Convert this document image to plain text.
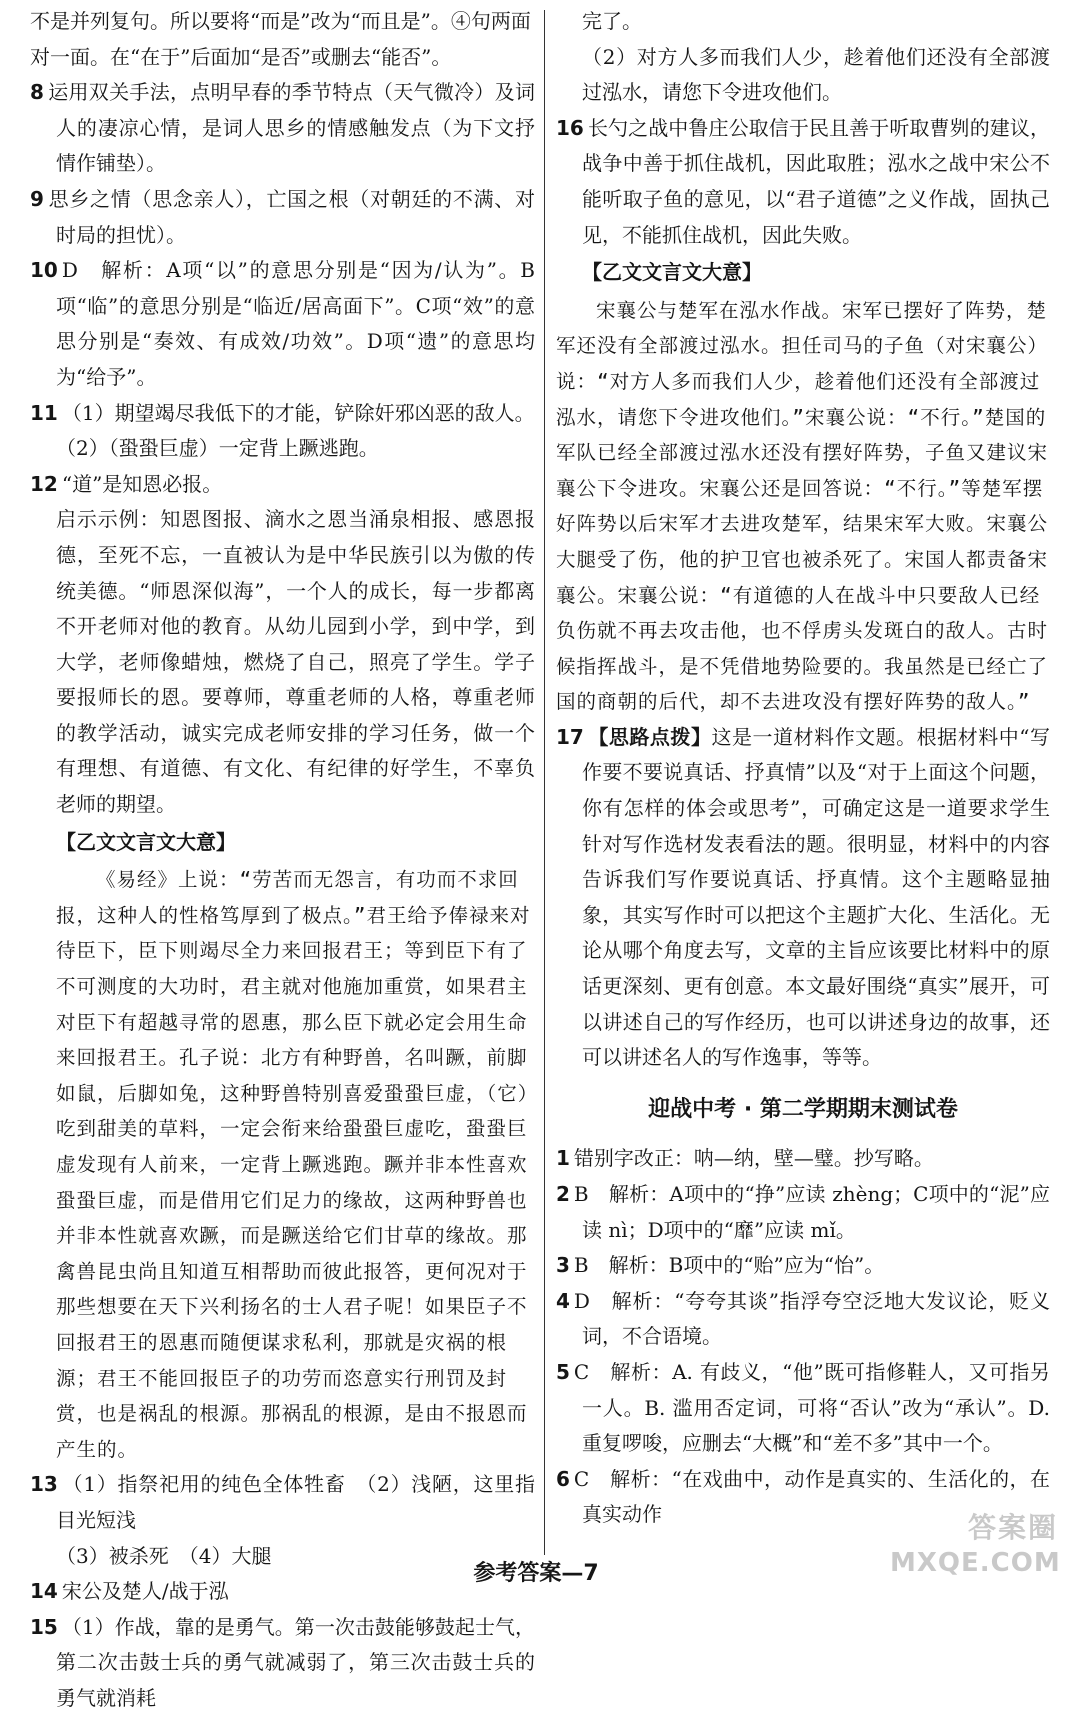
不是并列复句。所以要将“而是”改为“而且是”。④句两面

对一面。在“在于”后面加“是否”或删去“能否”。

8 运用双关手法，点明早春的季节特点（天气微冷）及词人的凄凉心情，是词人思乡的情感触发点（为下文抒情作铺垫）。
9 思乡之情（思念亲人），亡国之根（对朝廷的不满、对时局的担忧）。
10 D　解析：A项“以”的意思分别是“因为/认为”。B项“临”的意思分别是“临近/居高面下”。C项“效”的意思分别是“奏效、有成效/功效”。D项“遗”的意思均为“给予”。

11 （1）期望竭尽我低下的才能，铲除奸邪凶恶的敌人。

（2）（蛩蛩巨虚）一定背上蹶逃跑。

12 “道”是知恩必报。

启示示例：知恩图报、滴水之恩当涌泉相报、感恩报德，至死不忘，一直被认为是中华民族引以为傲的传统美德。“师恩深似海”，一个人的成长，每一步都离不开老师对他的教育。从幼儿园到小学，到中学，到大学，老师像蜡烛，燃烧了自己，照亮了学生。学子要报师长的恩。要尊师，尊重老师的人格，尊重老师的教学活动，诚实完成老师安排的学习任务，做一个有理想、有道德、有文化、有纪律的好学生，不辜负老师的期望。

【乙文文言文大意】

《易经》上说：“劳苦而无怨言，有功而不求回报，这种人的性格笃厚到了极点。”君王给予俸禄来对待臣下，臣下则竭尽全力来回报君王；等到臣下有了不可测度的大功时，君主就对他施加重赏，如果君主对臣下有超越寻常的恩惠，那么臣下就必定会用生命来回报君王。孔子说：北方有种野兽，名叫蹶，前脚如鼠，后脚如兔，这种野兽特别喜爱蛩蛩巨虚，（它）吃到甜美的草料，一定会衔来给蛩蛩巨虚吃，蛩蛩巨虚发现有人前来，一定背上蹶逃跑。蹶并非本性喜欢蛩蛩巨虚，而是借用它们足力的缘故，这两种野兽也并非本性就喜欢蹶，而是蹶送给它们甘草的缘故。那禽兽昆虫尚且知道互相帮助而彼此报答，更何况对于那些想要在天下兴利扬名的士人君子呢！如果臣子不回报君王的恩惠而随便谋求私利，那就是灾祸的根源；君王不能回报臣子的功劳而恣意实行刑罚及封赏，也是祸乱的根源。那祸乱的根源，是由不报恩而产生的。

13 （1）指祭祀用的纯色全体牲畜　（2）浅陋，这里指目光短浅

（3）被杀死　（4）大腿

14 宋公及楚人/战于泓
15 （1）作战，靠的是勇气。第一次击鼓能够鼓起士气，第二次击鼓士兵的勇气就减弱了，第三次击鼓士兵的勇气就消耗

完了。

（2）对方人多而我们人少，趁着他们还没有全部渡过泓水，请您下令进攻他们。

16 长勺之战中鲁庄公取信于民且善于听取曹刿的建议，战争中善于抓住战机，因此取胜；泓水之战中宋公不能听取子鱼的意见，以“君子道德”之义作战，固执己见，不能抓住战机，因此失败。

【乙文文言文大意】

宋襄公与楚军在泓水作战。宋军已摆好了阵势，楚军还没有全部渡过泓水。担任司马的子鱼（对宋襄公）说：“对方人多而我们人少，趁着他们还没有全部渡过泓水，请您下令进攻他们。”宋襄公说：“不行。”楚国的军队已经全部渡过泓水还没有摆好阵势，子鱼又建议宋襄公下令进攻。宋襄公还是回答说：“不行。”等楚军摆好阵势以后宋军才去进攻楚军，结果宋军大败。宋襄公大腿受了伤，他的护卫官也被杀死了。宋国人都责备宋襄公。宋襄公说：“有道德的人在战斗中只要敌人已经负伤就不再去攻击他，也不俘虏头发斑白的敌人。古时候指挥战斗，是不凭借地势险要的。我虽然是已经亡了国的商朝的后代，却不去进攻没有摆好阵势的敌人。”

17 【思路点拨】这是一道材料作文题。根据材料中“写作要不要说真话、抒真情”以及“对于上面这个问题，你有怎样的体会或思考”，可确定这是一道要求学生针对写作选材发表看法的题。很明显，材料中的内容告诉我们写作要说真话、抒真情。这个主题略显抽象，其实写作时可以把这个主题扩大化、生活化。无论从哪个角度去写，文章的主旨应该要比材料中的原话更深刻、更有创意。本文最好围绕“真实”展开，可以讲述自己的写作经历，也可以讲述身边的故事，还可以讲述名人的写作逸事，等等。
迎战中考 · 第二学期期末测试卷
1 错别字改正：呐—纳，壁—璧。抄写略。
2 B　解析：A项中的“挣”应读 zhèng；C项中的“泥”应读 nì；D项中的“靡”应读 mǐ。
3 B　解析：B项中的“贻”应为“怡”。
4 D　解析：“夸夸其谈”指浮夸空泛地大发议论，贬义词，不合语境。
5 C　解析：A. 有歧义，“他”既可指修鞋人，又可指另一人。B. 滥用否定词，可将“否认”改为“承认”。D. 重复啰唆，应删去“大概”和“差不多”其中一个。
6 C　解析：“在戏曲中，动作是真实的、生活化的，在真实动作
参考答案—7
答案圈
MXQE.COM
